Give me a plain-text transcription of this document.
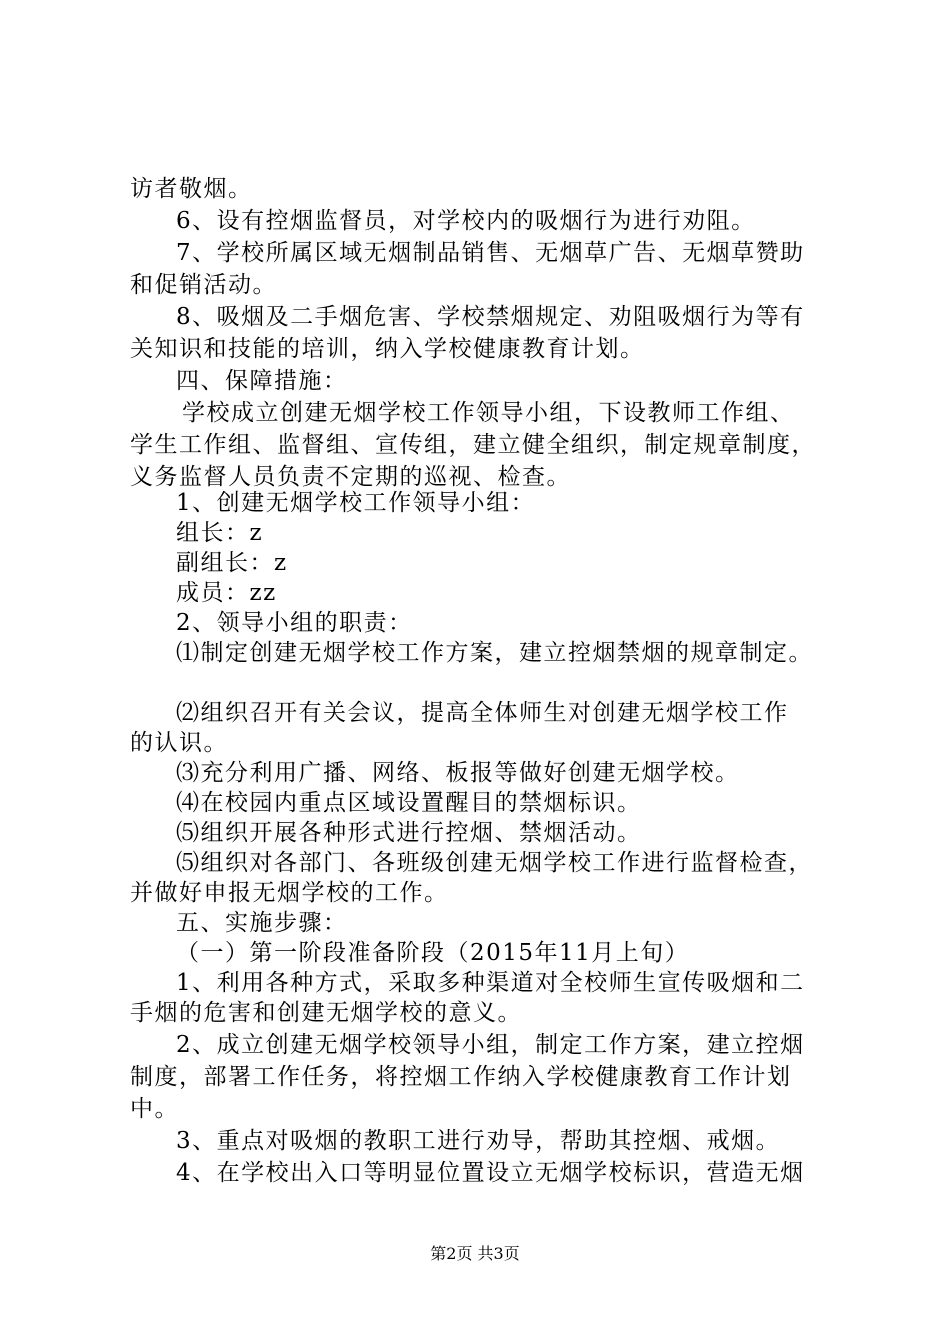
访者敬烟。
6、设有控烟监督员，对学校内的吸烟行为进行劝阻。
7、学校所属区域无烟制品销售、无烟草广告、无烟草赞助
和促销活动。
8、吸烟及二手烟危害、学校禁烟规定、劝阻吸烟行为等有
关知识和技能的培训，纳入学校健康教育计划。
四、保障措施：
学校成立创建无烟学校工作领导小组，下设教师工作组、
学生工作组、监督组、宣传组，建立健全组织，制定规章制度，
义务监督人员负责不定期的巡视、检查。
1、创建无烟学校工作领导小组：
组长：z
副组长：z
成员：zz
2、领导小组的职责：
⑴制定创建无烟学校工作方案，建立控烟禁烟的规章制定。
⑵组织召开有关会议，提高全体师生对创建无烟学校工作
的认识。
⑶充分利用广播、网络、板报等做好创建无烟学校。
⑷在校园内重点区域设置醒目的禁烟标识。
⑸组织开展各种形式进行控烟、禁烟活动。
⑸组织对各部门、各班级创建无烟学校工作进行监督检查，
并做好申报无烟学校的工作。
五、实施步骤：
（一）第一阶段准备阶段（2015年11月上旬）
1、利用各种方式，采取多种渠道对全校师生宣传吸烟和二
手烟的危害和创建无烟学校的意义。
2、成立创建无烟学校领导小组，制定工作方案，建立控烟
制度，部署工作任务，将控烟工作纳入学校健康教育工作计划
中。
3、重点对吸烟的教职工进行劝导，帮助其控烟、戒烟。
4、在学校出入口等明显位置设立无烟学校标识，营造无烟
第2页 共3页
